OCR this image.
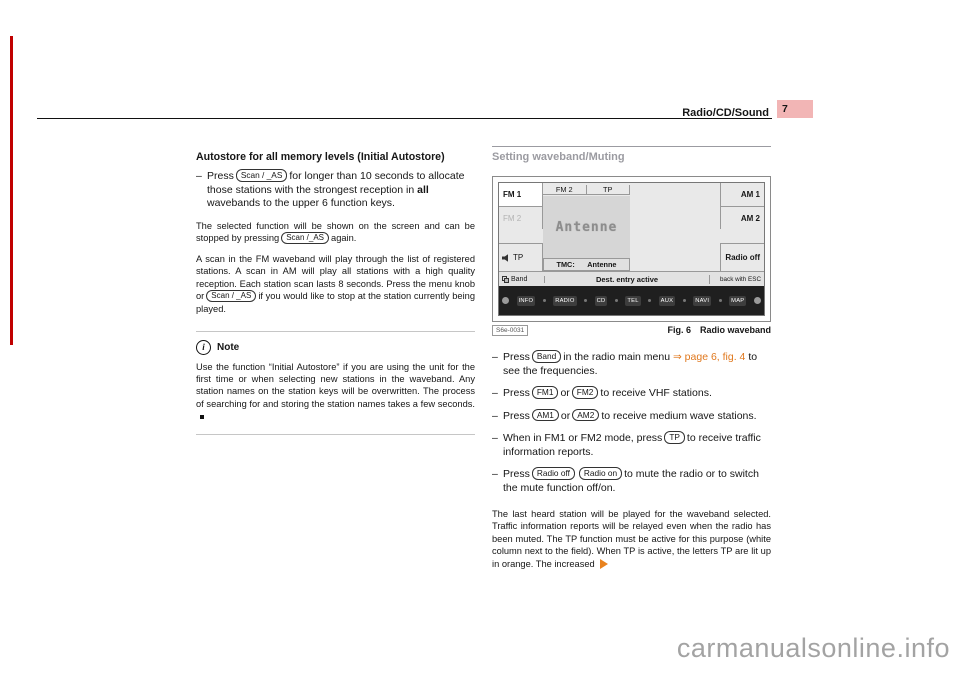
Radio/CD/Sound	7
Autostore for all memory levels (Initial Autostore)
– Press Scan / _AS for longer than 10 seconds to allocate those stations with the strongest reception in all wavebands to the upper 6 function keys.

The selected function will be shown on the screen and can be stopped by pressing Scan /_AS again.

A scan in the FM waveband will play through the list of registered stations. A scan in AM will play all stations with a high quality reception. Each station scan lasts 8 seconds. Press the menu knob or Scan / _AS if you would like to stop at the station currently being played.

i	Note

Use the function “Initial Autostore” if you are using the unit for the first time or when selecting new stations in the waveband. Any station names on the station keys will be overwritten. The process of searching for and storing the station names takes a few seconds.

Setting waveband/Muting
FM 1
FM 2
TP
FM 2	TP
Antenne
TMC: Antenne
AM 1
AM 2
Radio off
Band	Dest. entry active	back with ESC
INFO	RADIO	CD	TEL	AUX	NAVI	MAP
S6e-0031	Fig. 6 Radio waveband
– Press Band in the radio main menu ⇒ page 6, fig. 4 to see the frequencies.
– Press FM1 or FM2 to receive VHF stations.
– Press AM1 or AM2 to receive medium wave stations.
– When in FM1 or FM2 mode, press TP to receive traffic information reports.
– Press Radio off Radio on to mute the radio or to switch the mute function off/on.

The last heard station will be played for the waveband selected. Traffic information reports will be relayed even when the radio has been muted. The TP function must be active for this purpose (white column next to the field). When TP is active, the letters TP are lit up in orange. The increased

carmanualsonline.info
